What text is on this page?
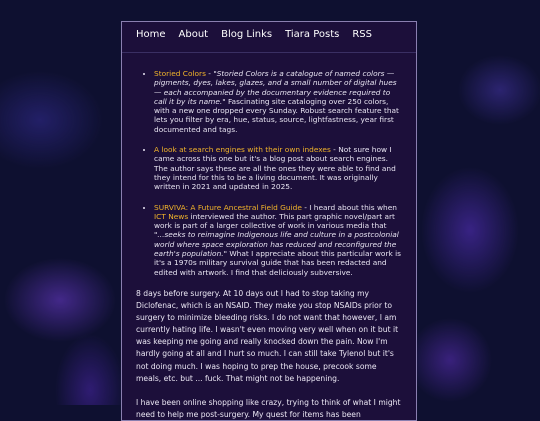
Home About Blog Links Tiara Posts RSS
• Storied Colors - "Storied Colors is a catalogue of named colors — pigments, dyes, lakes, glazes, and a small number of digital hues — each accompanied by the documentary evidence required to call it by its name." Fascinating site cataloging over 250 colors, with a new one dropped every Sunday. Robust search feature that lets you filter by era, hue, status, source, lightfastness, year first documented and tags.
• A look at search engines with their own indexes - Not sure how I came across this one but it's a blog post about search engines. The author says these are all the ones they were able to find and they intend for this to be a living document. It was originally written in 2021 and updated in 2025.
• SURVIVA: A Future Ancestral Field Guide - I heard about this when ICT News interviewed the author. This part graphic novel/part art work is part of a larger collective of work in various media that "...seeks to reimagine Indigenous life and culture in a postcolonial world where space exploration has reduced and reconfigured the earth's population." What I appreciate about this particular work is it's a 1970s military survival guide that has been redacted and edited with artwork. I find that deliciously subversive.

8 days before surgery. At 10 days out I had to stop taking my Diclofenac, which is an NSAID. They make you stop NSAIDs prior to surgery to minimize bleeding risks. I do not want that however, I am currently hating life. I wasn't even moving very well when on it but it was keeping me going and really knocked down the pain. Now I'm hardly going at all and I hurt so much. I can still take Tylenol but it's not doing much. I was hoping to prep the house, precook some meals, etc. but ... fuck. That might not be happening.

I have been online shopping like crazy, trying to think of what I might need to help me post-surgery. My quest for items has been
